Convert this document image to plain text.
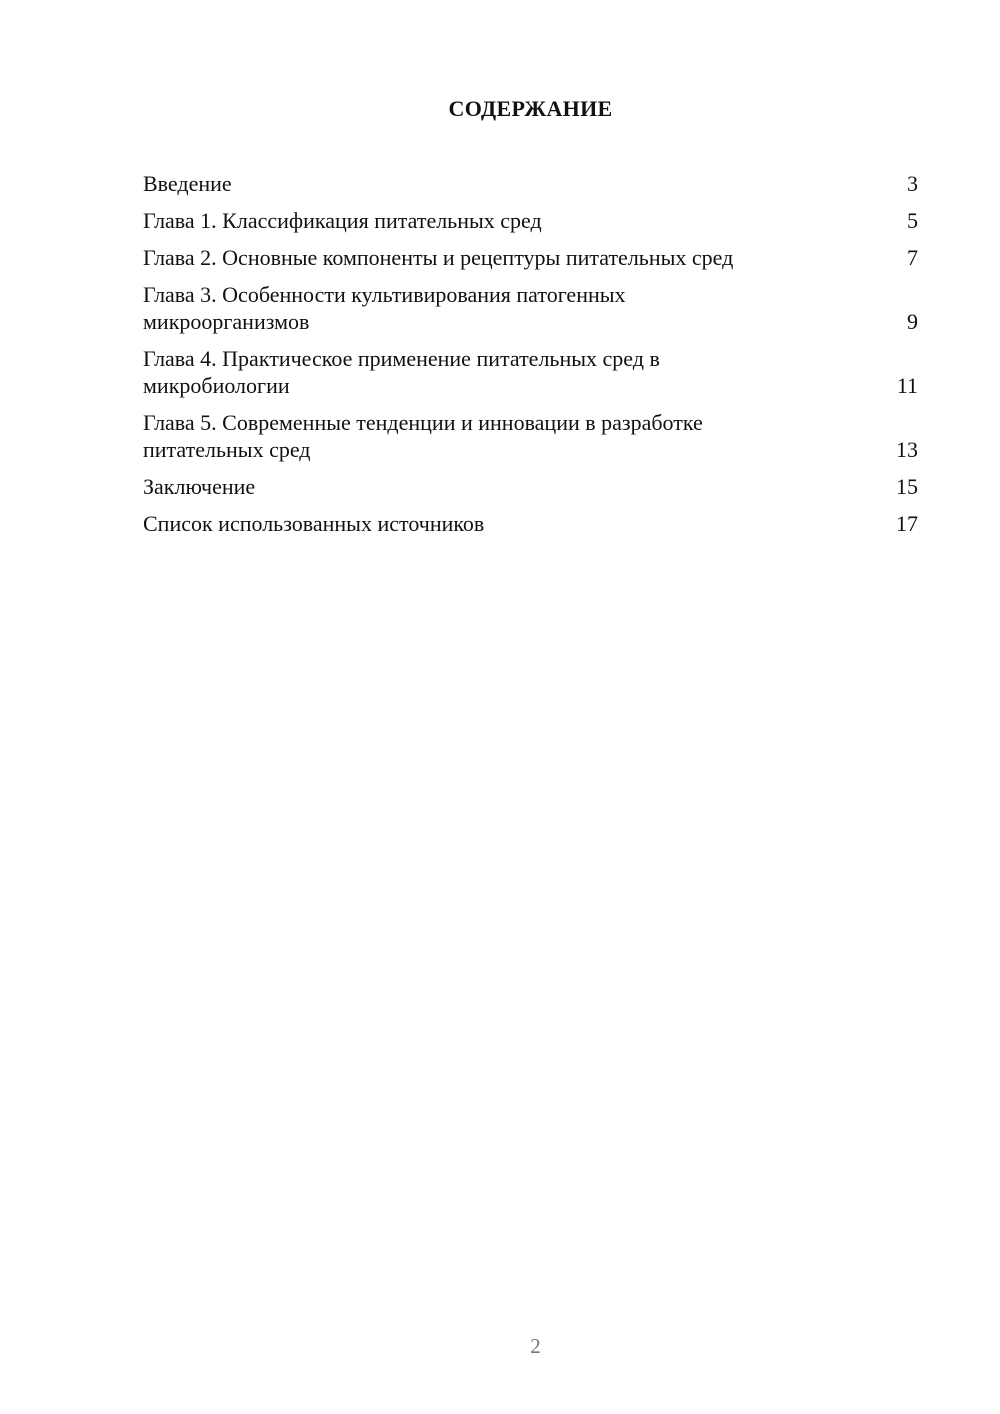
СОДЕРЖАНИЕ
Введение	3
Глава 1. Классификация питательных сред	5
Глава 2. Основные компоненты и рецептуры питательных сред	7
Глава 3. Особенности культивирования патогенных микроорганизмов	9
Глава 4. Практическое применение питательных сред в микробиологии	11
Глава 5. Современные тенденции и инновации в разработке питательных сред	13
Заключение	15
Список использованных источников	17
2
